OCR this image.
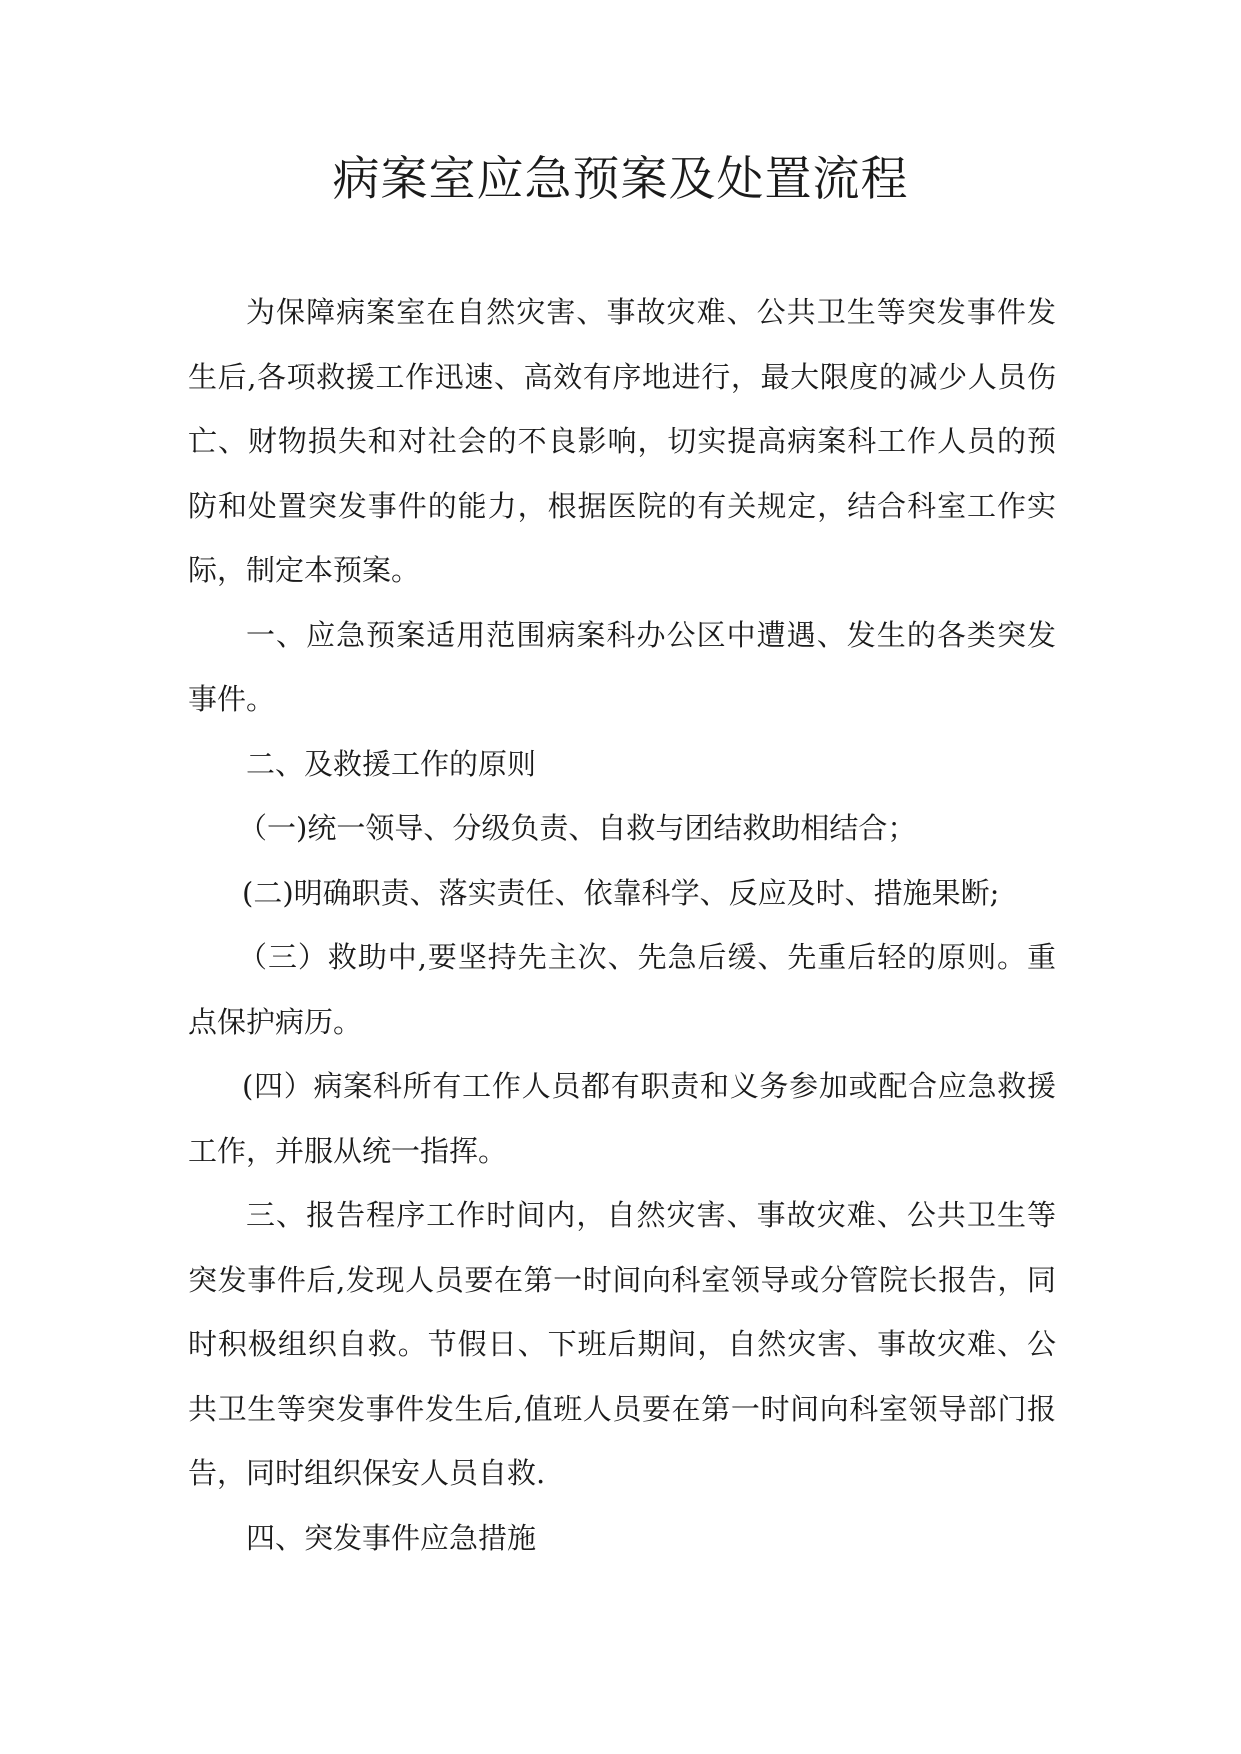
病案室应急预案及处置流程

为保障病案室在自然灾害、事故灾难、公共卫生等突发事件发生后,各项救援工作迅速、高效有序地进行，最大限度的减少人员伤亡、财物损失和对社会的不良影响，切实提高病案科工作人员的预防和处置突发事件的能力，根据医院的有关规定，结合科室工作实际，制定本预案。

一、应急预案适用范围病案科办公区中遭遇、发生的各类突发事件。

二、及救援工作的原则

（一)统一领导、分级负责、自救与团结救助相结合；

(二)明确职责、落实责任、依靠科学、反应及时、措施果断;

（三）救助中,要坚持先主次、先急后缓、先重后轻的原则。重点保护病历。

(四）病案科所有工作人员都有职责和义务参加或配合应急救援工作，并服从统一指挥。

三、报告程序工作时间内，自然灾害、事故灾难、公共卫生等突发事件后,发现人员要在第一时间向科室领导或分管院长报告，同时积极组织自救。节假日、下班后期间，自然灾害、事故灾难、公共卫生等突发事件发生后,值班人员要在第一时间向科室领导部门报告，同时组织保安人员自救.

四、突发事件应急措施
